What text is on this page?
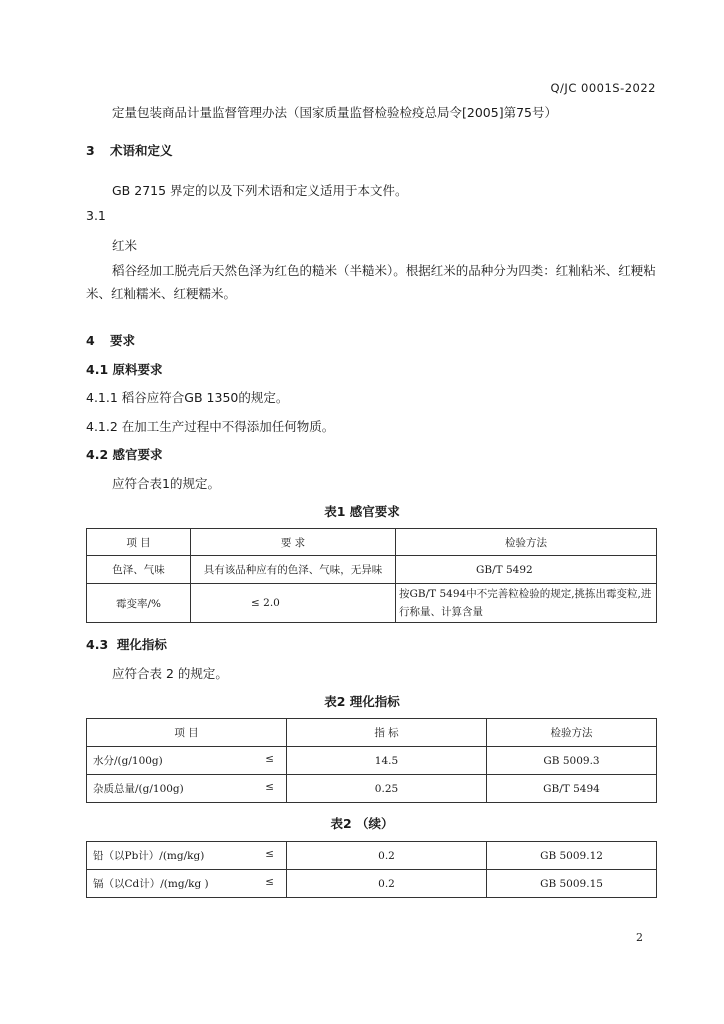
Q/JC 0001S-2022
定量包装商品计量监督管理办法（国家质量监督检验检疫总局令[2005]第75号）
3 术语和定义
GB 2715 界定的以及下列术语和定义适用于本文件。
3.1
红米
稻谷经加工脱壳后天然色泽为红色的糙米（半糙米）。根据红米的品种分为四类：红籼粘米、红粳粘米、红籼糯米、红粳糯米。
4 要求
4.1 原料要求
4.1.1 稻谷应符合GB 1350的规定。
4.1.2 在加工生产过程中不得添加任何物质。
4.2 感官要求
应符合表1的规定。
表1 感官要求
项 目	要 求	检验方法
色泽、气味	具有该品种应有的色泽、气味，无异味	GB/T 5492
霉变率/%	≤ 2.0	按GB/T 5494中不完善粒检验的规定,挑拣出霉变粒,进行称量、计算含量
4.3 理化指标
应符合表 2 的规定。
表2 理化指标
项 目	指 标	检验方法
水分/(g/100g) ≤	14.5	GB 5009.3
杂质总量/(g/100g) ≤	0.25	GB/T 5494
表2 （续）
铅（以Pb计）/(mg/kg) ≤	0.2	GB 5009.12
镉（以Cd计）/(mg/kg ) ≤	0.2	GB 5009.15
2
